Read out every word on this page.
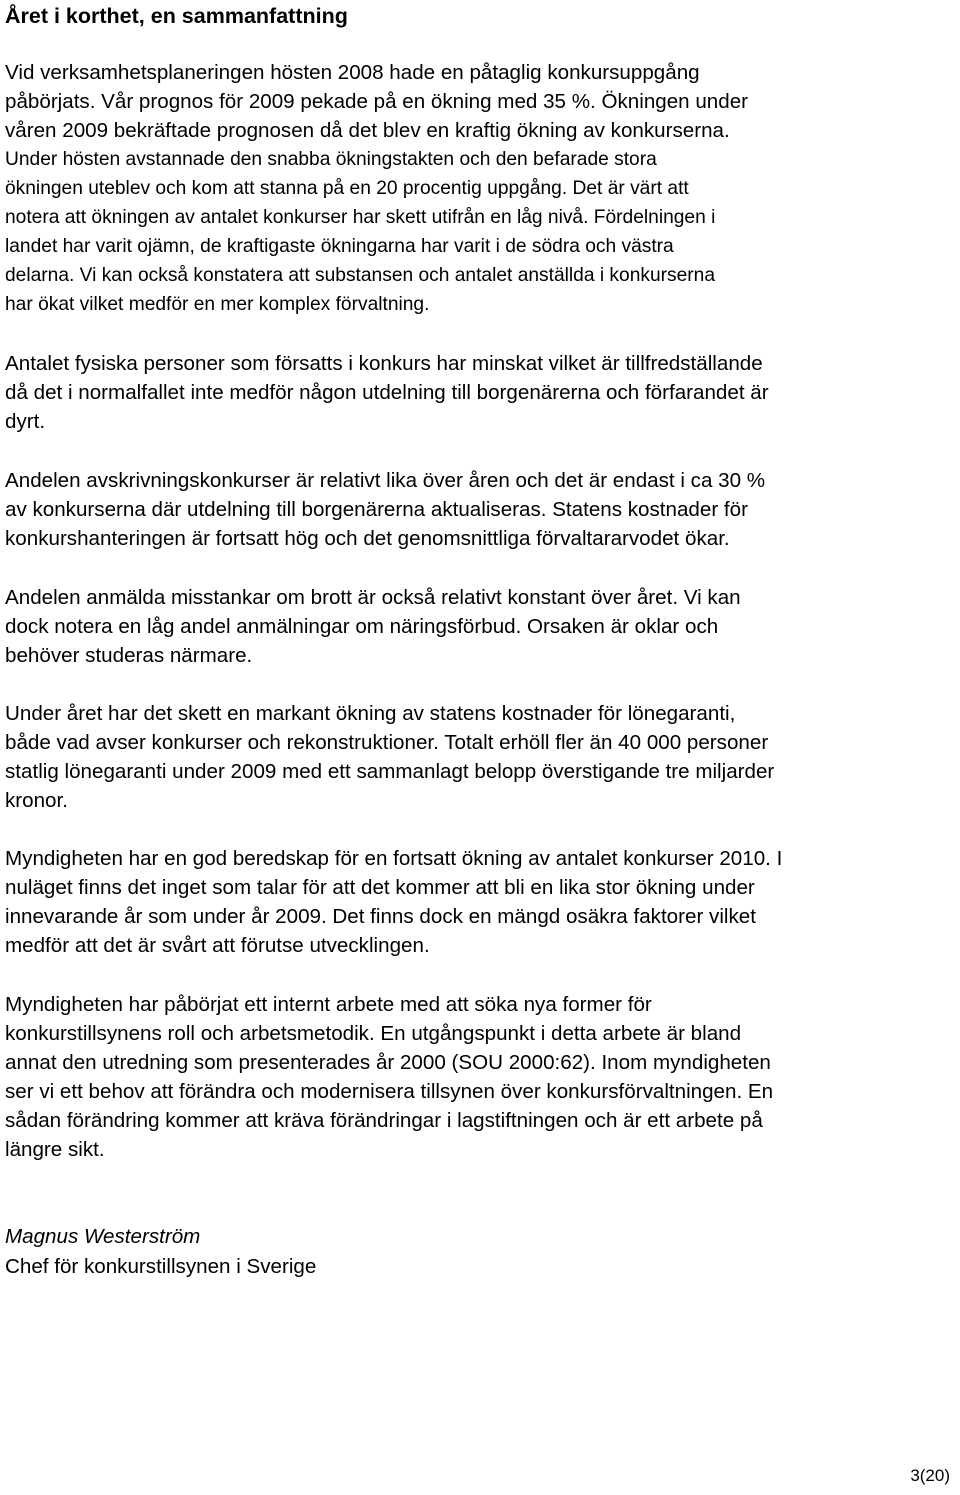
Året i korthet, en sammanfattning

Vid verksamhetsplaneringen hösten 2008 hade en påtaglig konkursuppgång
påbörjats. Vår prognos för 2009 pekade på en ökning med 35 %. Ökningen under
våren 2009 bekräftade prognosen då det blev en kraftig ökning av konkurserna.
Under hösten avstannade den snabba ökningstakten och den befarade stora
ökningen uteblev och kom att stanna på en 20 procentig uppgång. Det är värt att
notera att ökningen av antalet konkurser har skett utifrån en låg nivå. Fördelningen i
landet har varit ojämn, de kraftigaste ökningarna har varit i de södra och västra
delarna. Vi kan också konstatera att substansen och antalet anställda i konkurserna
har ökat vilket medför en mer komplex förvaltning.

Antalet fysiska personer som försatts i konkurs har minskat vilket är tillfredställande
då det i normalfallet inte medför någon utdelning till borgenärerna och förfarandet är
dyrt.

Andelen avskrivningskonkurser är relativt lika över åren och det är endast i ca 30 %
av konkurserna där utdelning till borgenärerna aktualiseras. Statens kostnader för
konkurshanteringen är fortsatt hög och det genomsnittliga förvaltararvodet ökar.

Andelen anmälda misstankar om brott är också relativt konstant över året. Vi kan
dock notera en låg andel anmälningar om näringsförbud. Orsaken är oklar och
behöver studeras närmare.

Under året har det skett en markant ökning av statens kostnader för lönegaranti,
både vad avser konkurser och rekonstruktioner. Totalt erhöll fler än 40 000 personer
statlig lönegaranti under 2009 med ett sammanlagt belopp överstigande tre miljarder
kronor.

Myndigheten har en god beredskap för en fortsatt ökning av antalet konkurser 2010. I
nuläget finns det inget som talar för att det kommer att bli en lika stor ökning under
innevarande år som under år 2009. Det finns dock en mängd osäkra faktorer vilket
medför att det är svårt att förutse utvecklingen.

Myndigheten har påbörjat ett internt arbete med att söka nya former för
konkurstillsynens roll och arbetsmetodik. En utgångspunkt i detta arbete är bland
annat den utredning som presenterades år 2000 (SOU 2000:62). Inom myndigheten
ser vi ett behov att förändra och modernisera tillsynen över konkursförvaltningen. En
sådan förändring kommer att kräva förändringar i lagstiftningen och är ett arbete på
längre sikt.

Magnus Westerström

Chef för konkurstillsynen i Sverige

3(20)
